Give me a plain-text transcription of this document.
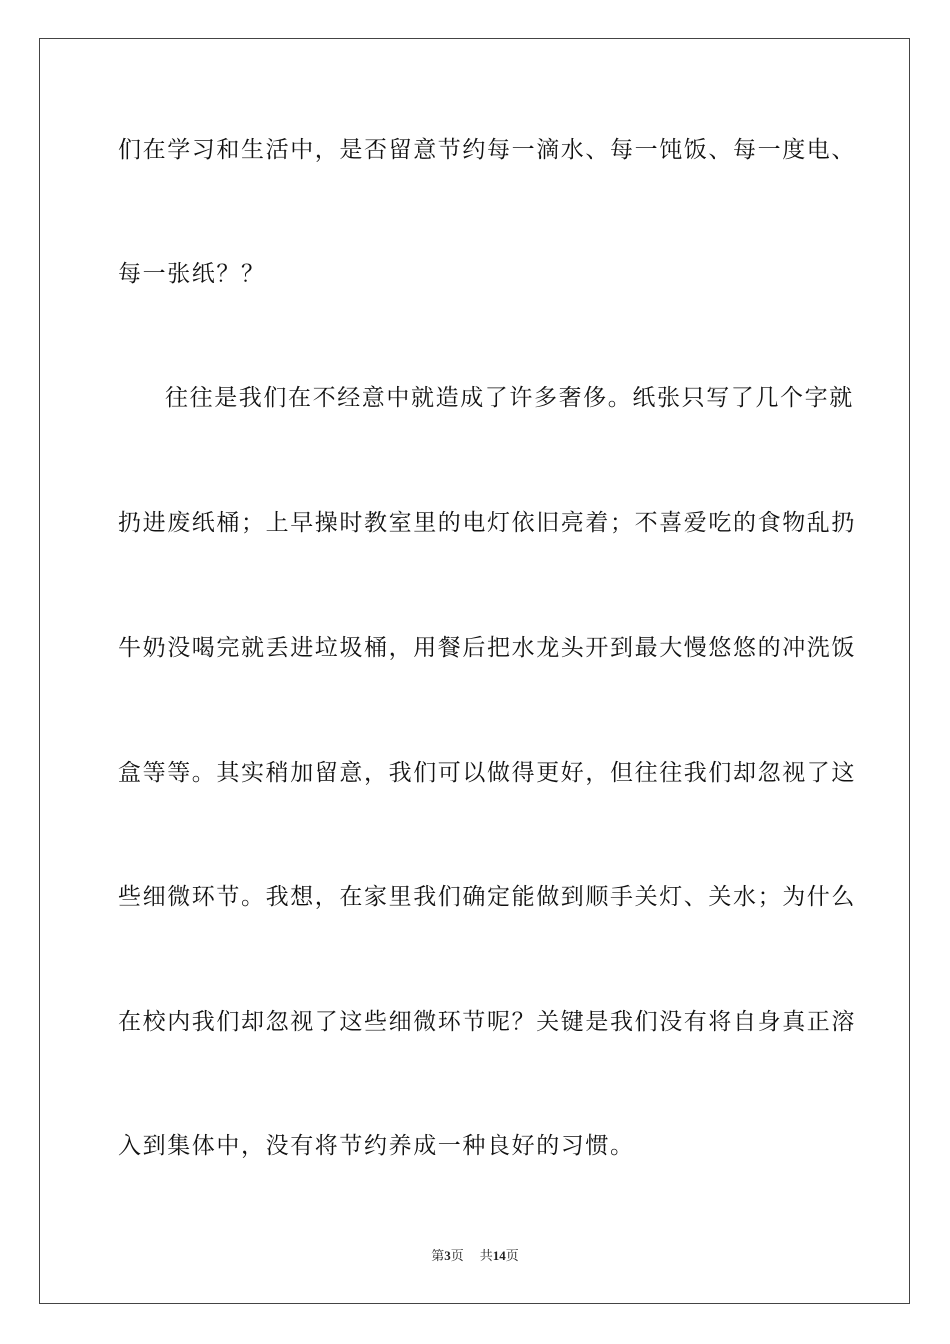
们在学习和生活中，是否留意节约每一滴水、每一饨饭、每一度电、
每一张纸？？
往往是我们在不经意中就造成了许多奢侈。纸张只写了几个字就
扔进废纸桶；上早操时教室里的电灯依旧亮着；不喜爱吃的食物乱扔
牛奶没喝完就丢进垃圾桶，用餐后把水龙头开到最大慢悠悠的冲洗饭
盒等等。其实稍加留意，我们可以做得更好，但往往我们却忽视了这
些细微环节。我想，在家里我们确定能做到顺手关灯、关水；为什么
在校内我们却忽视了这些细微环节呢？关键是我们没有将自身真正溶
入到集体中，没有将节约养成一种良好的习惯。
第3页 共14页
